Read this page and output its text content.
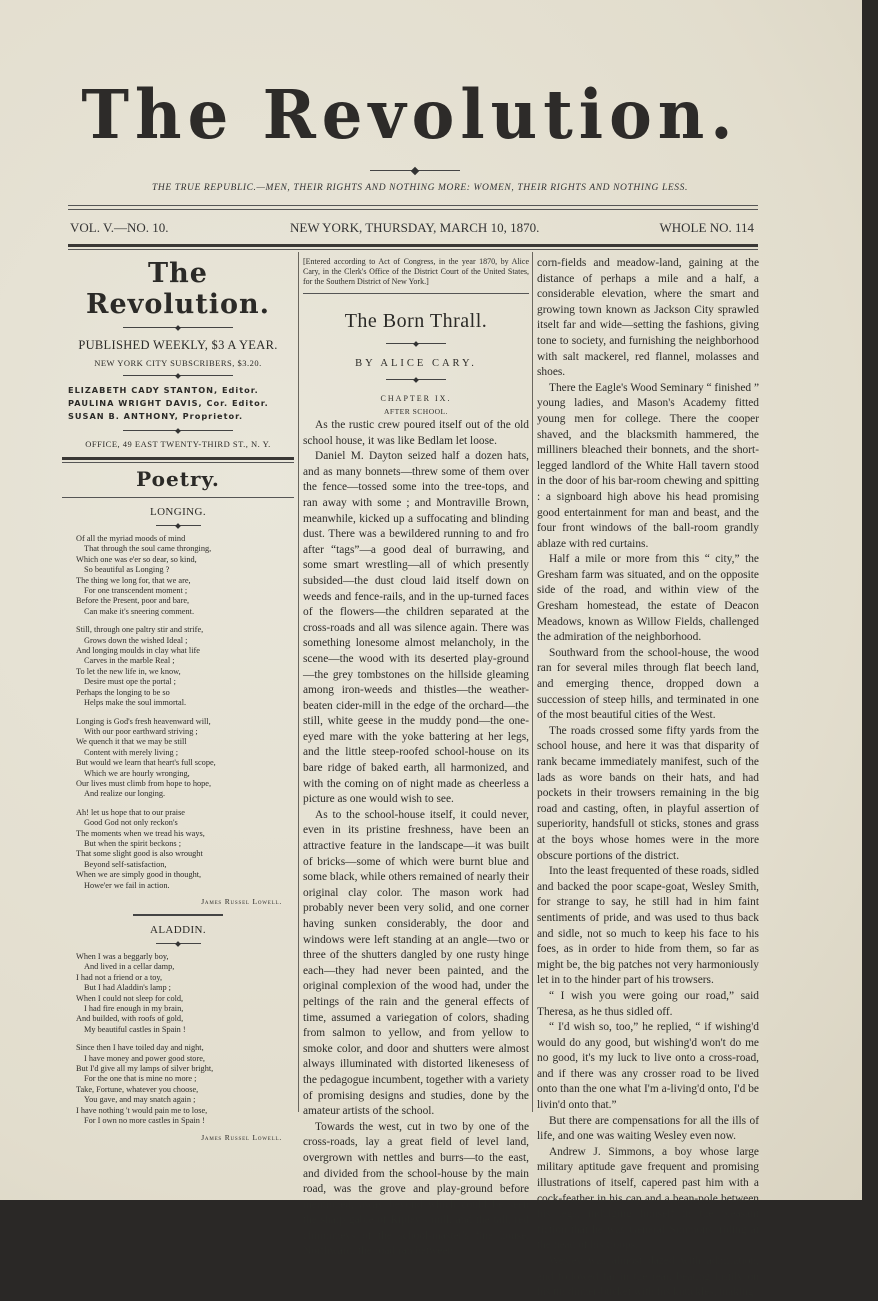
The Revolution.
THE TRUE REPUBLIC.—MEN, THEIR RIGHTS AND NOTHING MORE: WOMEN, THEIR RIGHTS AND NOTHING LESS.
VOL. V.—NO. 10.	NEW YORK, THURSDAY, MARCH 10, 1870.	WHOLE NO. 114
The Revolution.
PUBLISHED WEEKLY, $3 A YEAR.
NEW YORK CITY SUBSCRIBERS, $3.20.
ELIZABETH CADY STANTON, Editor.
PAULINA WRIGHT DAVIS, Cor. Editor.
SUSAN B. ANTHONY, Proprietor.
OFFICE, 49 EAST TWENTY-THIRD ST., N. Y.
Poetry.
LONGING.
Of all the myriad moods of mind
That through the soul came thronging,
Which one was e'er so dear, so kind,
So beautiful as Longing ?
The thing we long for, that we are,
For one transcendent moment ;
Before the Present, poor and bare,
Can make it's sneering comment.
Still, through one paltry stir and strife,
Grows down the wished Ideal ;
And longing moulds in clay what life
Carves in the marble Real ;
To let the new life in, we know,
Desire must ope the portal ;
Perhaps the longing to be so
Helps make the soul immortal.
Longing is God's fresh heavenward will,
With our poor earthward striving ;
We quench it that we may be still
Content with merely living ;
But would we learn that heart's full scope,
Which we are hourly wronging,
Our lives must climb from hope to hope,
And realize our longing.
Ah! let us hope that to our praise
Good God not only reckon's
The moments when we tread his ways,
But when the spirit beckons ;
That some slight good is also wrought
Beyond self-satisfaction,
When we are simply good in thought,
Howe'er we fail in action.
James Russel Lowell.
ALADDIN.
When I was a beggarly boy,
And lived in a cellar damp,
I had not a friend or a toy,
But I had Aladdin's lamp ;
When I could not sleep for cold,
I had fire enough in my brain,
And builded, with roofs of gold,
My beautiful castles in Spain !
Since then I have toiled day and night,
I have money and power good store,
But I'd give all my lamps of silver bright,
For the one that is mine no more ;
Take, Fortune, whatever you choose,
You gave, and may snatch again ;
I have nothing 't would pain me to lose,
For I own no more castles in Spain !
James Russel Lowell.
[Entered according to Act of Congress, in the year 1870, by Alice Cary, in the Clerk's Office of the District Court of the United States, for the Southern District of New York.]
The Born Thrall.
BY ALICE CARY.
CHAPTER IX.
AFTER SCHOOL.

As the rustic crew poured itself out of the old school house, it was like Bedlam let loose.

Daniel M. Dayton seized half a dozen hats, and as many bonnets—threw some of them over the fence—tossed some into the tree-tops, and ran away with some ; and Montraville Brown, meanwhile, kicked up a suffocating and blinding dust. There was a bewildered running to and fro after “tags”—a good deal of burrawing, and some smart wrestling—all of which presently subsided—the dust cloud laid itself down on weeds and fence-rails, and in the up-turned faces of the flowers—the children separated at the cross-roads and all was silence again. There was something lonesome almost melancholy, in the scene—the wood with its deserted play-ground—the grey tombstones on the hillside gleaming among iron-weeds and thistles—the weather-beaten cider-mill in the edge of the orchard—the still, white geese in the muddy pond—the one-eyed mare with the yoke battering at her legs, and the little steep-roofed school-house on its bare ridge of baked earth, all harmonized, and with the coming on of night made as cheerless a picture as one would wish to see.

As to the school-house itself, it could never, even in its pristine freshness, have been an attractive feature in the landscape—it was built of bricks—some of which were burnt blue and some black, while others remained of nearly their original clay color. The mason work had probably never been very solid, and one corner having sunken considerably, the door and windows were left standing at an angle—two or three of the shutters dangled by one rusty hinge each—they had never been painted, and the original complexion of the wood had, under the peltings of the rain and the general effects of time, assumed a variegation of colors, shading from salmon to yellow, and from yellow to smoke color, and door and shutters were almost always illuminated with distorted likenesess of the pedagogue incumbent, together with a variety of promising designs and studies, done by the amateur artists of the school.

Towards the west, cut in two by one of the cross-roads, lay a great field of level land, overgrown with nettles and burrs—to the east, and divided from the school-house by the main road, was the grove and play-ground before mentioned, away beyond which could be seen the sharp gable of Ripley's mill, and the tall, red chimmneys of the school-master's fine house. Northward, the road ran between

corn-fields and meadow-land, gaining at the distance of perhaps a mile and a half, a considerable elevation, where the smart and growing town known as Jackson City sprawled itselt far and wide—setting the fashions, giving tone to society, and furnishing the neighborhood with salt mackerel, red flannel, molasses and shoes.

There the Eagle's Wood Seminary “ finished ” young ladies, and Mason's Academy fitted young men for college. There the cooper shaved, and the blacksmith hammered, the milliners bleached their bonnets, and the short-legged landlord of the White Hall tavern stood in the door of his bar-room chewing and spitting : a signboard high above his head promising good entertainment for man and beast, and the four front windows of the ball-room grandly ablaze with red curtains.

Half a mile or more from this “ city,” the Gresham farm was situated, and on the opposite side of the road, and within view of the Gresham homestead, the estate of Deacon Meadows, known as Willow Fields, challenged the admiration of the neighborhood.

Southward from the school-house, the wood ran for several miles through flat beech land, and emerging thence, dropped down a succession of steep hills, and terminated in one of the most beautiful cities of the West.

The roads crossed some fifty yards from the school house, and here it was that disparity of rank became immediately manifest, such of the lads as wore bands on their hats, and had pockets in their trowsers remaining in the big road and casting, often, in playful assertion of superiority, handsfull ot sticks, stones and grass at the boys whose homes were in the more obscure portions of the district.

Into the least frequented of these roads, sidled and backed the poor scape-goat, Wesley Smith, for strange to say, he still had in him faint sentiments of pride, and was used to thus back and sidle, not so much to keep his face to his foes, as in order to hide from them, so far as might be, the big patches not very harmoniously let in to the hinder part of his trowsers.

“ I wish you were going our road,” said Theresa, as he thus sidled off.

“ I'd wish so, too,” he replied, “ if wishing'd would do any good, but wishing'd won't do me no good, it's my luck to live onto a cross-road, and if there was any crosser road to be lived onto than the one what I'm a-living'd onto, I'd be livin'd onto that.”

But there are compensations for all the ills of life, and one was waiting Wesley even now.

Andrew J. Simmons, a boy whose large military aptitude gave frequent and promising illustrations of itself, capered past him with a cock-feather in his cap and a bean-pole between his legs, indulging himself in the pleasant fiction that he was General Simmons, riding at the head of his troops.

Wesley was almost dazed with admiration, and followed far in the rear, beating lustily on his tin dinner-bucket with his knuckles, making
